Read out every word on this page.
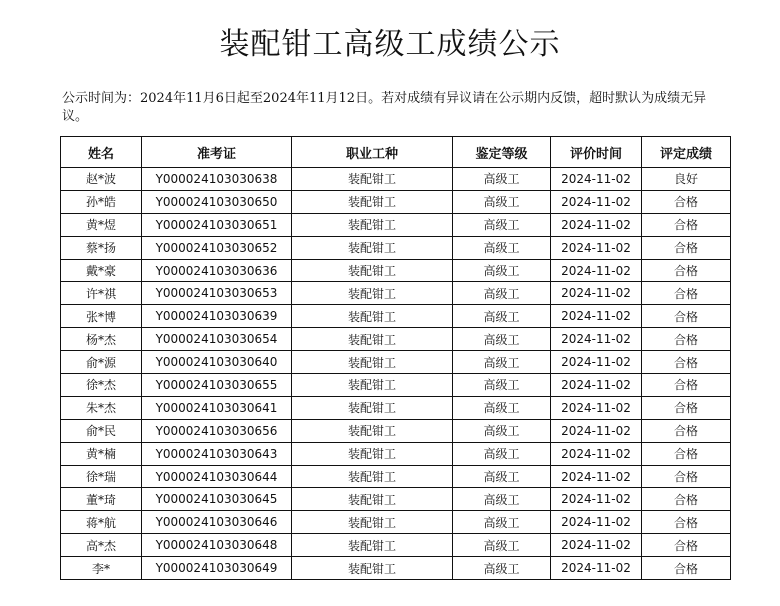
装配钳工高级工成绩公示
公示时间为：2024年11月6日起至2024年11月12日。若对成绩有异议请在公示期内反馈，超时默认为成绩无异议。
姓名	准考证	职业工种	鉴定等级	评价时间	评定成绩
赵*波	Y000024103030638	装配钳工	高级工	2024-11-02	良好
孙*皓	Y000024103030650	装配钳工	高级工	2024-11-02	合格
黄*煜	Y000024103030651	装配钳工	高级工	2024-11-02	合格
蔡*扬	Y000024103030652	装配钳工	高级工	2024-11-02	合格
戴*豪	Y000024103030636	装配钳工	高级工	2024-11-02	合格
许*祺	Y000024103030653	装配钳工	高级工	2024-11-02	合格
张*博	Y000024103030639	装配钳工	高级工	2024-11-02	合格
杨*杰	Y000024103030654	装配钳工	高级工	2024-11-02	合格
俞*源	Y000024103030640	装配钳工	高级工	2024-11-02	合格
徐*杰	Y000024103030655	装配钳工	高级工	2024-11-02	合格
朱*杰	Y000024103030641	装配钳工	高级工	2024-11-02	合格
俞*民	Y000024103030656	装配钳工	高级工	2024-11-02	合格
黄*楠	Y000024103030643	装配钳工	高级工	2024-11-02	合格
徐*瑞	Y000024103030644	装配钳工	高级工	2024-11-02	合格
董*琦	Y000024103030645	装配钳工	高级工	2024-11-02	合格
蒋*航	Y000024103030646	装配钳工	高级工	2024-11-02	合格
高*杰	Y000024103030648	装配钳工	高级工	2024-11-02	合格
李*	Y000024103030649	装配钳工	高级工	2024-11-02	合格
